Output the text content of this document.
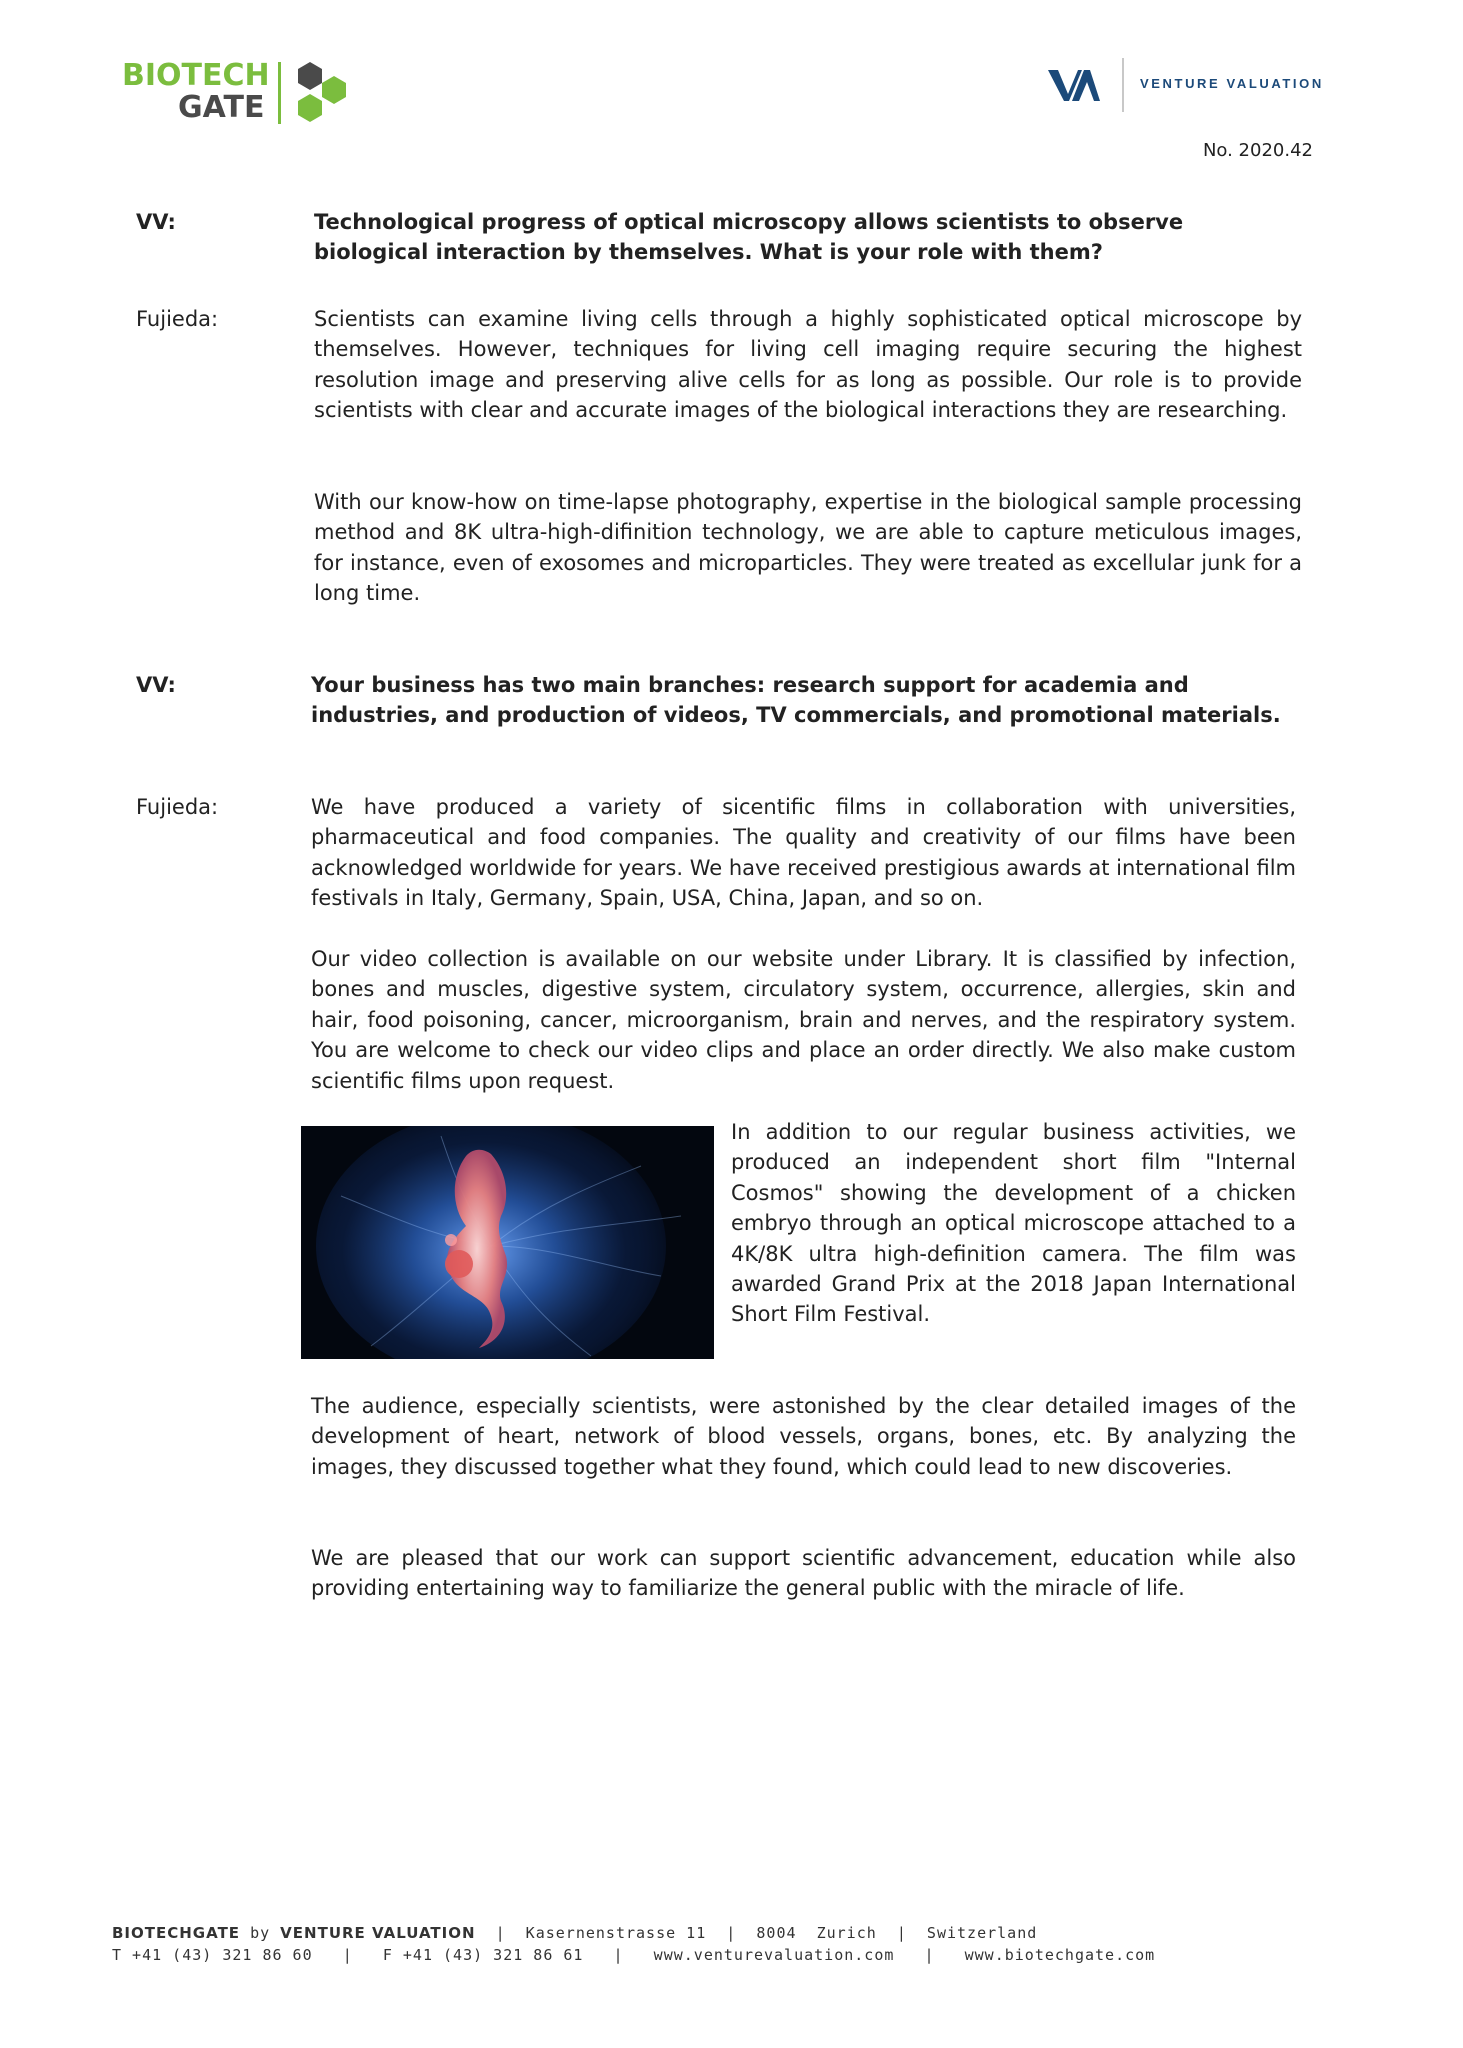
BIOTECH
GATE
VENTURE VALUATION
No. 2020.42
VV:	Technological progress of optical microscopy allows scientists to observe biological interaction by themselves. What is your role with them?
Fujieda:	Scientists can examine living cells through a highly sophisticated optical microscope by themselves. However, techniques for living cell imaging require securing the highest resolution image and preserving alive cells for as long as possible. Our role is to provide scientists with clear and accurate images of the biological interactions they are researching.
With our know-how on time-lapse photography, expertise in the biological sample processing method and 8K ultra-high-difinition technology, we are able to capture meticulous images, for instance, even of exosomes and microparticles. They were treated as excellular junk for a long time.
VV:	Your business has two main branches: research support for academia and industries, and production of videos, TV commercials, and promotional materials.
Fujieda:	We have produced a variety of sicentific films in collaboration with universities, pharmaceutical and food companies. The quality and creativity of our films have been acknowledged worldwide for years. We have received prestigious awards at international film festivals in Italy, Germany, Spain, USA, China, Japan, and so on.
Our video collection is available on our website under Library. It is classified by infection, bones and muscles, digestive system, circulatory system, occurrence, allergies, skin and hair, food poisoning, cancer, microorganism, brain and nerves, and the respiratory system. You are welcome to check our video clips and place an order directly. We also make custom scientific films upon request.
In addition to our regular business activities, we produced an independent short film "Internal Cosmos" showing the development of a chicken embryo through an optical microscope attached to a 4K/8K ultra high-definition camera. The film was awarded Grand Prix at the 2018 Japan International Short Film Festival.
The audience, especially scientists, were astonished by the clear detailed images of the development of heart, network of blood vessels, organs, bones, etc. By analyzing the images, they discussed together what they found, which could lead to new discoveries.
We are pleased that our work can support scientific advancement, education while also providing entertaining way to familiarize the general public with the miracle of life.
BIOTECHGATE by VENTURE VALUATION  |  Kasernenstrasse 11  |  8004  Zurich  |  Switzerland
T +41 (43) 321 86 60   |   F +41 (43) 321 86 61   |   www.venturevaluation.com   |   www.biotechgate.com
